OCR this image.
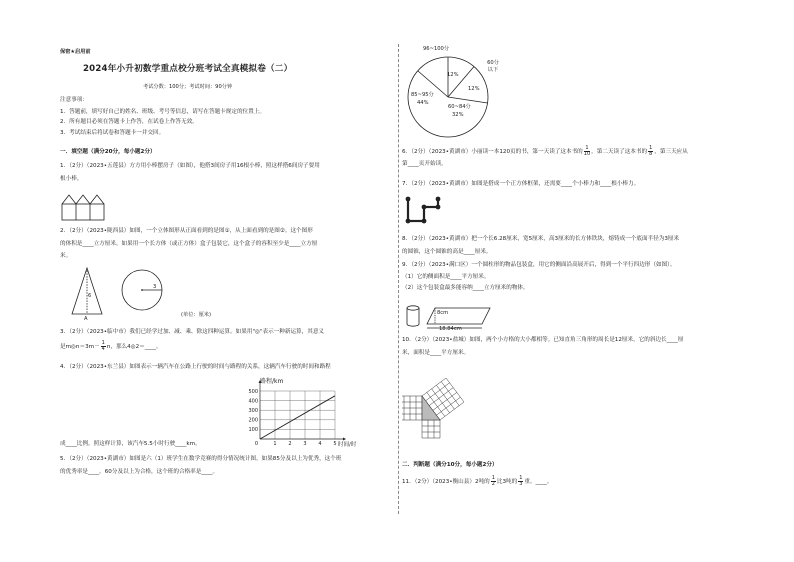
保密★启用前
2024年小升初数学重点校分班考试全真模拟卷（二）
考试分数：100分；考试时间：90分钟
注意事项：
1．答题前，填写好自己的姓名、班级、考号等信息，请写在答题卡规定的位置上。
2．所有题目必须在答题卡上作答，在试卷上作答无效。
3．考试结束后将试卷和答题卡一并交回。
一．填空题（满分20分，每小题2分）
1．（2分）（2023•五莲县）方方用小棒摆房子（如图），他搭3间房子用16根小棒，照这样搭6间房子要用
根小棒。
2．（2分）（2023•陇西县）如图，一个立体图形从正面看到的是图①，从上面看到的是图②。这个图形
的体积是____立方厘米。如果用一个长方体（或正方体）盒子包装它，这个盒子的容积至少是____立方厘
米。
6
3
A
(单位：厘米)
3．（2分）（2023•临中市）我们已经学过加、减、乘、除这四种运算。如果用"◎"表示一种新运算，其意义
是m◎n＝3m－ $\frac{1}{4}$ n，那么4◎2＝____。
4．（2分）（2023•东兰县）如图表示一辆汽车在公路上行驶的时间与路程的关系，这辆汽车行驶的时间和路程
1 2 3 4 5
100
200
300
400
500
0
路程/km
时间/时
成____比例。照这样计算，该汽车5.5小时行驶____km。
5．（2分）（2023•黄湖市）如图是六（1）班学生在数学竞赛的得分情况统计图。如果85分及以上为优秀，这个班
的优秀率是____。60分及以上为合格，这个班的合格率是____。
96~100分
12%
60分以下
12%
60~84分
32%
85~95分
44%
6．（2分）（2023•黄湖市）小丽读一本120页的书，第一天读了这本书的 $\frac{1}{10}$ ，第二天读了这本书的 $\frac{1}{8}$ ，第三天应从
第____页开始读。
7．（2分）（2023•黄湖市）如图是搭成一个正方体框架，还需要____个小棒力和____根小棒力。
8．（2分）（2023•黄湖市）把一个长6.28厘米，宽5厘米，高3厘米的长方体铁块，熔铸成一个底面半径为3厘米
的圆锥，这个圆锥的高是____厘米。
9．（2分）（2023•满口区）一个圆柱形的物品包装盒，用它的侧面沿高展开后，得到一个平行四边形（如图）。
（1）它的侧面积是____平方厘米。
（2）这个包装盒最多能容纳____立方厘米的物体。
8cm
18.84cm
10．（2分）（2023•盐城）如图，两个小方格的大小都相等。已知直角三角形的周长是12厘米，它的斜边长____厘
米，面积是____平方厘米。
二．判断题（满分10分，每小题2分）
11．（2分）（2023•衡山县）2吨的 $\frac{1}{2}$ 比3吨的 $\frac{1}{3}$ 重。____。
